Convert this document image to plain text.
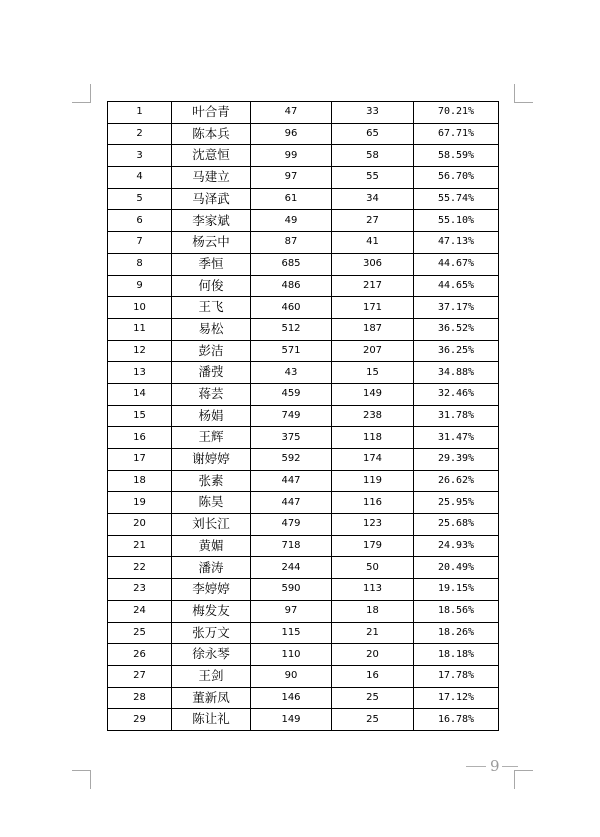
1	叶合青	47	33	70.21%
2	陈本兵	96	65	67.71%
3	沈意恒	99	58	58.59%
4	马建立	97	55	56.70%
5	马泽武	61	34	55.74%
6	李家斌	49	27	55.10%
7	杨云中	87	41	47.13%
8	季恒	685	306	44.67%
9	何俊	486	217	44.65%
10	王飞	460	171	37.17%
11	易松	512	187	36.52%
12	彭洁	571	207	36.25%
13	潘弢	43	15	34.88%
14	蒋芸	459	149	32.46%
15	杨娟	749	238	31.78%
16	王辉	375	118	31.47%
17	谢婷婷	592	174	29.39%
18	张素	447	119	26.62%
19	陈昊	447	116	25.95%
20	刘长江	479	123	25.68%
21	黄媚	718	179	24.93%
22	潘涛	244	50	20.49%
23	李婷婷	590	113	19.15%
24	梅发友	97	18	18.56%
25	张万文	115	21	18.26%
26	徐永琴	110	20	18.18%
27	王剑	90	16	17.78%
28	董新凤	146	25	17.12%
29	陈让礼	149	25	16.78%
9
